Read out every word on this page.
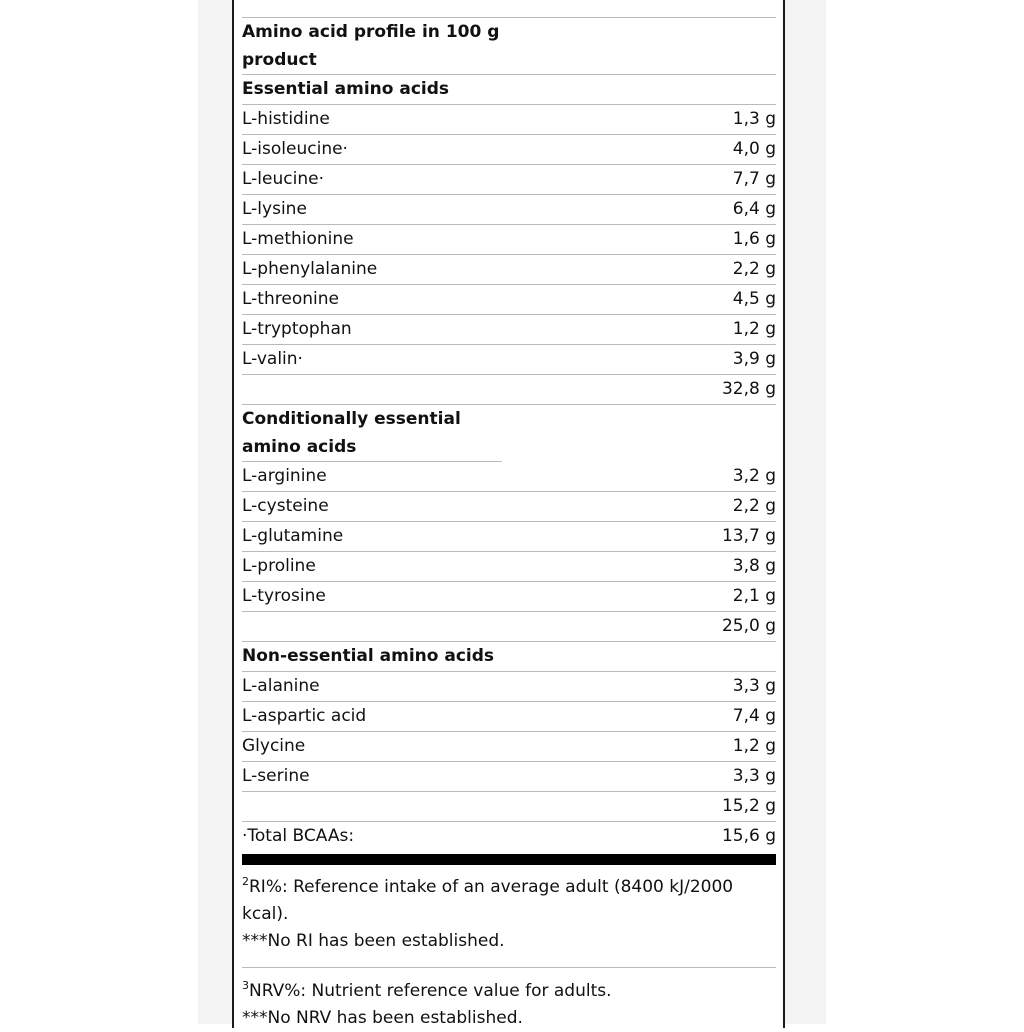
Amino acid profile in 100 g product
Essential amino acids
L-histidine	1,3 g
L-isoleucine·	4,0 g
L-leucine·	7,7 g
L-lysine	6,4 g
L-methionine	1,6 g
L-phenylalanine	2,2 g
L-threonine	4,5 g
L-tryptophan	1,2 g
L-valin·	3,9 g
32,8 g
Conditionally essential amino acids
L-arginine	3,2 g
L-cysteine	2,2 g
L-glutamine	13,7 g
L-proline	3,8 g
L-tyrosine	2,1 g
25,0 g
Non-essential amino acids
L-alanine	3,3 g
L-aspartic acid	7,4 g
Glycine	1,2 g
L-serine	3,3 g
15,2 g
·Total BCAAs:	15,6 g
$^2$RI%: Reference intake of an average adult (8400 kJ/2000 kcal).
***No RI has been established.
$^3$NRV%: Nutrient reference value for adults.
***No NRV has been established.
